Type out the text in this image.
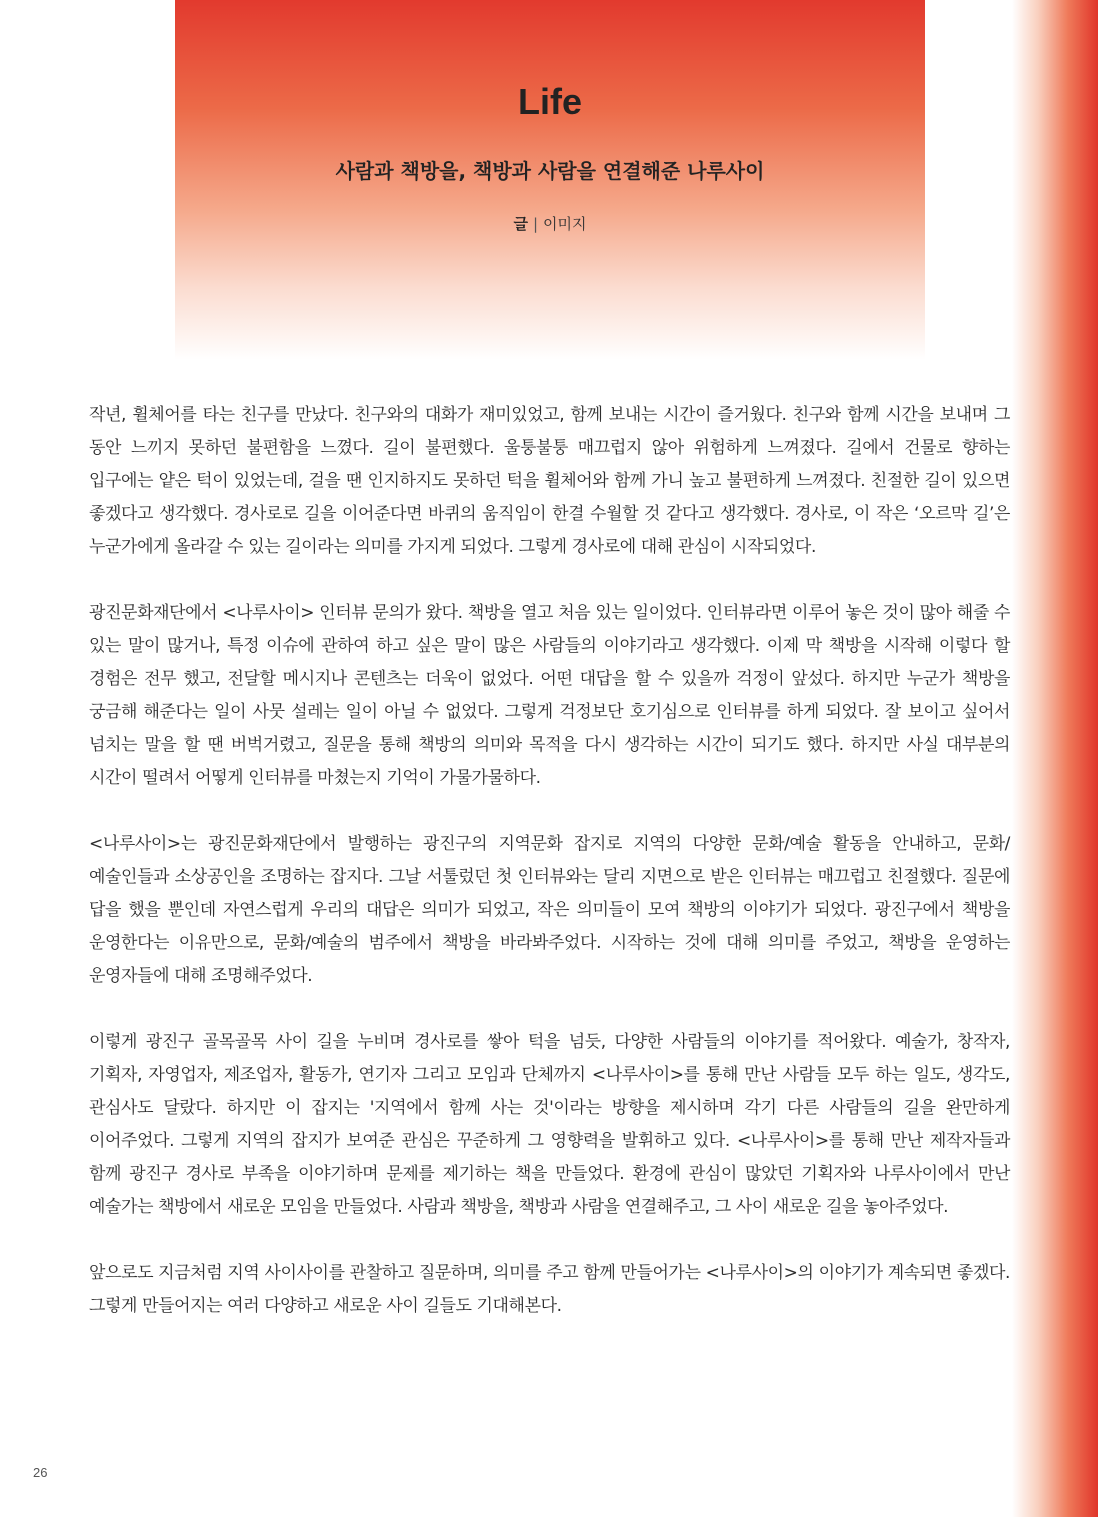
Life
사람과 책방을, 책방과 사람을 연결해준 나루사이
글 | 이미지

작년, 휠체어를 타는 친구를 만났다. 친구와의 대화가 재미있었고, 함께 보내는 시간이 즐거웠다. 친구와 함께 시간을 보내며 그 동안 느끼지 못하던 불편함을 느꼈다. 길이 불편했다. 울퉁불퉁 매끄럽지 않아 위험하게 느껴졌다. 길에서 건물로 향하는 입구에는 얕은 턱이 있었는데, 걸을 땐 인지하지도 못하던 턱을 휠체어와 함께 가니 높고 불편하게 느껴졌다. 친절한 길이 있으면 좋겠다고 생각했다. 경사로로 길을 이어준다면 바퀴의 움직임이 한결 수월할 것 같다고 생각했다. 경사로, 이 작은 ‘오르막 길’은 누군가에게 올라갈 수 있는 길이라는 의미를 가지게 되었다. 그렇게 경사로에 대해 관심이 시작되었다.

광진문화재단에서 <나루사이> 인터뷰 문의가 왔다. 책방을 열고 처음 있는 일이었다. 인터뷰라면 이루어 놓은 것이 많아 해줄 수 있는 말이 많거나, 특정 이슈에 관하여 하고 싶은 말이 많은 사람들의 이야기라고 생각했다. 이제 막 책방을 시작해 이렇다 할 경험은 전무 했고, 전달할 메시지나 콘텐츠는 더욱이 없었다. 어떤 대답을 할 수 있을까 걱정이 앞섰다. 하지만 누군가 책방을 궁금해 해준다는 일이 사뭇 설레는 일이 아닐 수 없었다. 그렇게 걱정보단 호기심으로 인터뷰를 하게 되었다. 잘 보이고 싶어서 넘치는 말을 할 땐 버벅거렸고, 질문을 통해 책방의 의미와 목적을 다시 생각하는 시간이 되기도 했다. 하지만 사실 대부분의 시간이 떨려서 어떻게 인터뷰를 마쳤는지 기억이 가물가물하다.

<나루사이>는 광진문화재단에서 발행하는 광진구의 지역문화 잡지로 지역의 다양한 문화/예술 활동을 안내하고, 문화/예술인들과 소상공인을 조명하는 잡지다. 그날 서툴렀던 첫 인터뷰와는 달리 지면으로 받은 인터뷰는 매끄럽고 친절했다. 질문에 답을 했을 뿐인데 자연스럽게 우리의 대답은 의미가 되었고, 작은 의미들이 모여 책방의 이야기가 되었다. 광진구에서 책방을 운영한다는 이유만으로, 문화/예술의 범주에서 책방을 바라봐주었다. 시작하는 것에 대해 의미를 주었고, 책방을 운영하는 운영자들에 대해 조명해주었다.

이렇게 광진구 골목골목 사이 길을 누비며 경사로를 쌓아 턱을 넘듯, 다양한 사람들의 이야기를 적어왔다. 예술가, 창작자, 기획자, 자영업자, 제조업자, 활동가, 연기자 그리고 모임과 단체까지 <나루사이>를 통해 만난 사람들 모두 하는 일도, 생각도, 관심사도 달랐다. 하지만 이 잡지는 '지역에서 함께 사는 것'이라는 방향을 제시하며 각기 다른 사람들의 길을 완만하게 이어주었다. 그렇게 지역의 잡지가 보여준 관심은 꾸준하게 그 영향력을 발휘하고 있다. <나루사이>를 통해 만난 제작자들과 함께 광진구 경사로 부족을 이야기하며 문제를 제기하는 책을 만들었다. 환경에 관심이 많았던 기획자와 나루사이에서 만난 예술가는 책방에서 새로운 모임을 만들었다. 사람과 책방을, 책방과 사람을 연결해주고, 그 사이 새로운 길을 놓아주었다.

앞으로도 지금처럼 지역 사이사이를 관찰하고 질문하며, 의미를 주고 함께 만들어가는 <나루사이>의 이야기가 계속되면 좋겠다. 그렇게 만들어지는 여러 다양하고 새로운 사이 길들도 기대해본다.

26
